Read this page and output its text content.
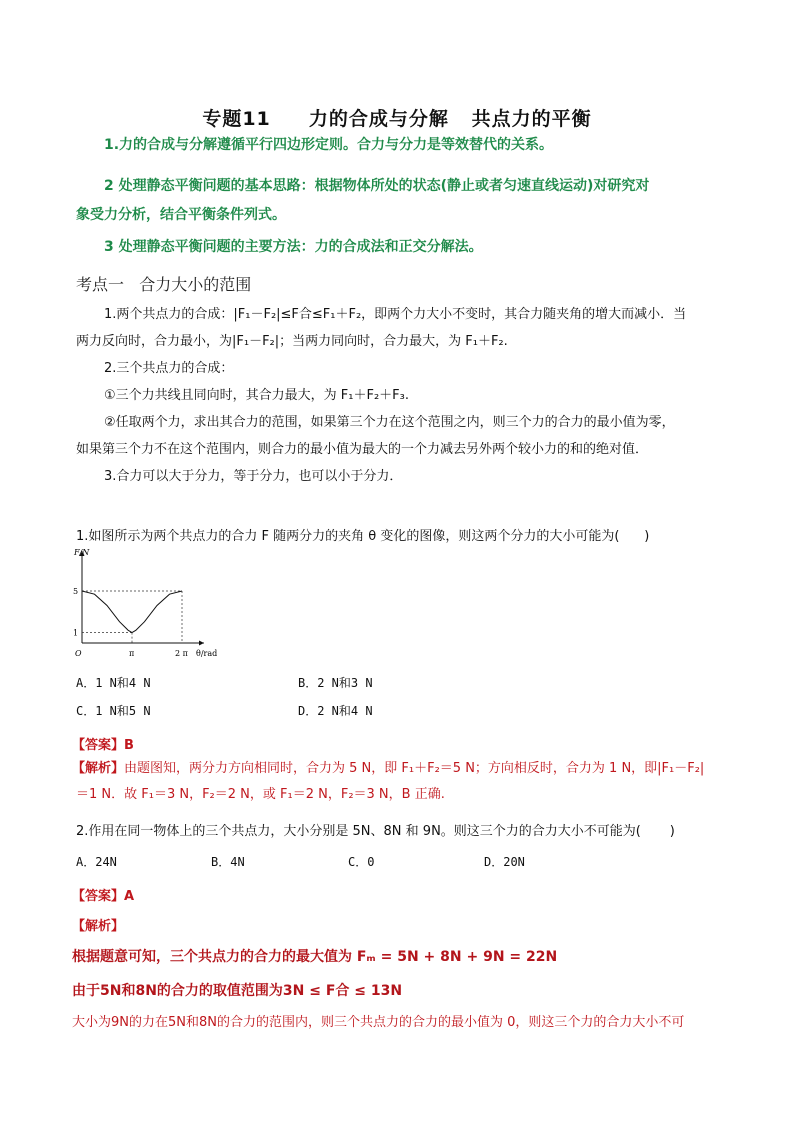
专题11     力的合成与分解   共点力的平衡
1.力的合成与分解遵循平行四边形定则。合力与分力是等效替代的关系。
2 处理静态平衡问题的基本思路：根据物体所处的状态(静止或者匀速直线运动)对研究对
象受力分析，结合平衡条件列式。
3 处理静态平衡问题的主要方法：力的合成法和正交分解法。
考点一   合力大小的范围
1.两个共点力的合成：|F₁－F₂|≤F合≤F₁＋F₂，即两个力大小不变时，其合力随夹角的增大而减小．当
两力反向时，合力最小，为|F₁－F₂|；当两力同向时，合力最大，为 F₁＋F₂.
2.三个共点力的合成：
①三个力共线且同向时，其合力最大，为 F₁＋F₂＋F₃.
②任取两个力，求出其合力的范围，如果第三个力在这个范围之内，则三个力的合力的最小值为零，
如果第三个力不在这个范围内，则合力的最小值为最大的一个力减去另外两个较小力的和的绝对值．
3.合力可以大于分力，等于分力，也可以小于分力．
1.如图所示为两个共点力的合力 F 随两分力的夹角 θ 变化的图像，则这两个分力的大小可能为(      )
F/N
θ/rad
5
1
π	2 π
O
A．1 N和4 N	B．2 N和3 N
C．1 N和5 N	D．2 N和4 N
【答案】B
【解析】由题图知，两分力方向相同时，合力为 5 N，即 F₁＋F₂＝5 N；方向相反时，合力为 1 N，即|F₁－F₂|
＝1 N．故 F₁＝3 N，F₂＝2 N，或 F₁＝2 N，F₂＝3 N，B 正确.
2.作用在同一物体上的三个共点力，大小分别是 5N、8N 和 9N。则这三个力的合力大小不可能为(       )
A．24N	B．4N	C．0	D．20N
【答案】A
【解析】
根据题意可知，三个共点力的合力的最大值为 Fₘ = 5N + 8N + 9N = 22N
由于5N和8N的合力的取值范围为3N ≤ F合 ≤ 13N
大小为9N的力在5N和8N的合力的范围内，则三个共点力的合力的最小值为 0，则这三个力的合力大小不可
